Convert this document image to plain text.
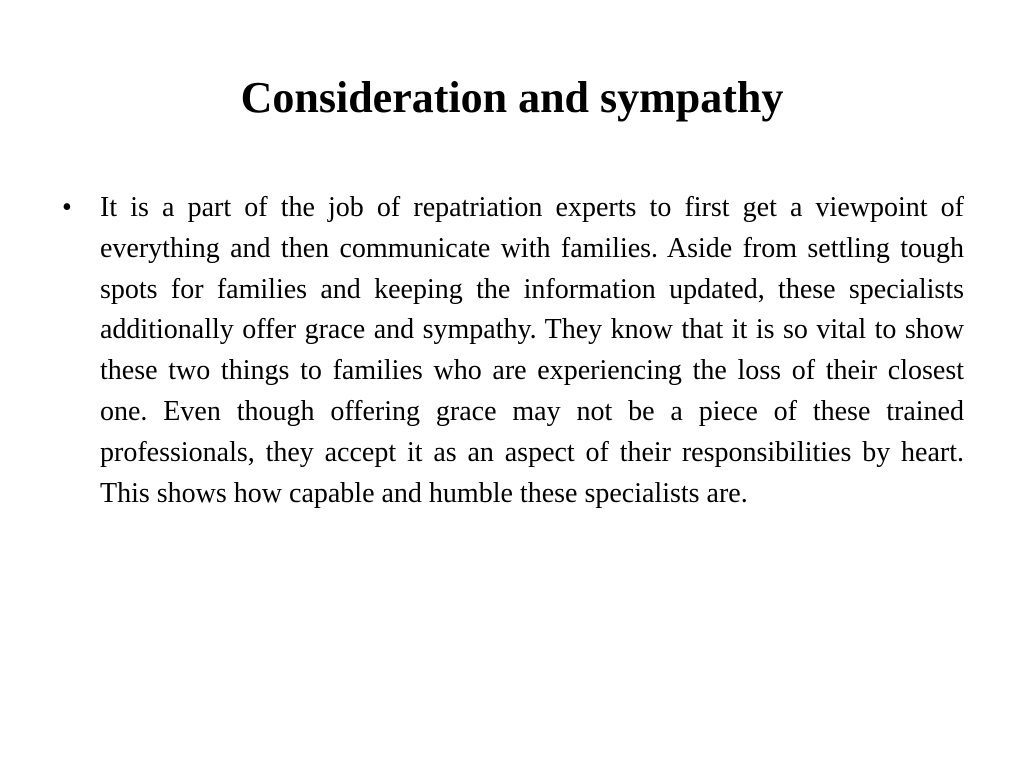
Consideration and sympathy
•	It is a part of the job of repatriation experts to first get a viewpoint of everything and then communicate with families. Aside from settling tough spots for families and keeping the information updated, these specialists additionally offer grace and sympathy. They know that it is so vital to show these two things to families who are experiencing the loss of their closest one. Even though offering grace may not be a piece of these trained professionals, they accept it as an aspect of their responsibilities by heart. This shows how capable and humble these specialists are.
